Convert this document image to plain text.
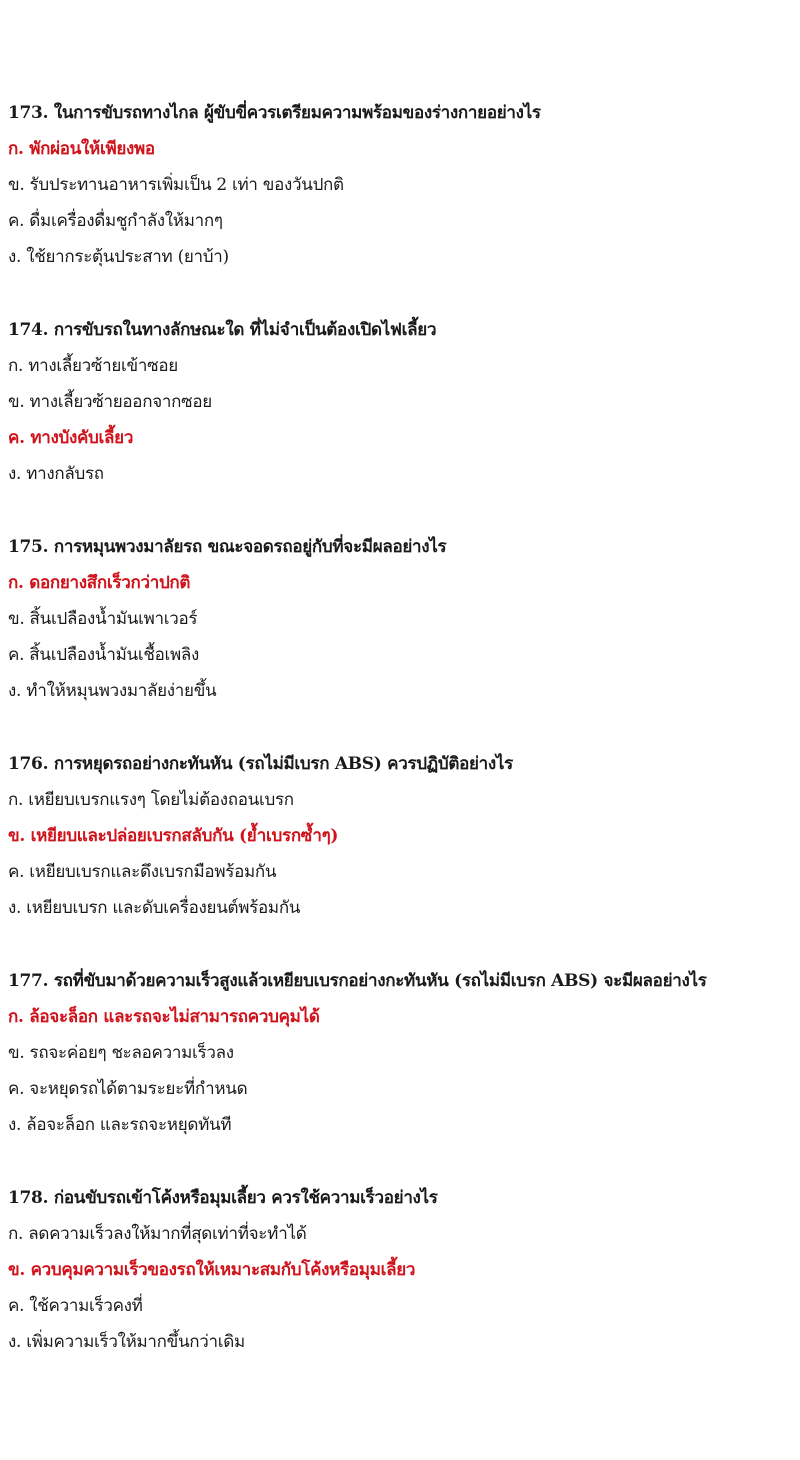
173. ในการขับรถทางไกล ผู้ขับขี่ควรเตรียมความพร้อมของร่างกายอย่างไร
ก. พักผ่อนให้เพียงพอ
ข. รับประทานอาหารเพิ่มเป็น 2 เท่า ของวันปกติ
ค. ดื่มเครื่องดื่มชูกำลังให้มากๆ
ง. ใช้ยากระตุ้นประสาท (ยาบ้า)
174. การขับรถในทางลักษณะใด ที่ไม่จำเป็นต้องเปิดไฟเลี้ยว
ก. ทางเลี้ยวซ้ายเข้าซอย
ข. ทางเลี้ยวซ้ายออกจากซอย
ค. ทางบังคับเลี้ยว
ง. ทางกลับรถ
175. การหมุนพวงมาลัยรถ ขณะจอดรถอยู่กับที่จะมีผลอย่างไร
ก. ดอกยางสึกเร็วกว่าปกติ
ข. สิ้นเปลืองน้ำมันเพาเวอร์
ค. สิ้นเปลืองน้ำมันเชื้อเพลิง
ง. ทำให้หมุนพวงมาลัยง่ายขึ้น
176. การหยุดรถอย่างกะทันหัน (รถไม่มีเบรก ABS) ควรปฏิบัติอย่างไร
ก. เหยียบเบรกแรงๆ โดยไม่ต้องถอนเบรก
ข. เหยียบและปล่อยเบรกสลับกัน (ย้ำเบรกซ้ำๆ)
ค. เหยียบเบรกและดึงเบรกมือพร้อมกัน
ง. เหยียบเบรก และดับเครื่องยนต์พร้อมกัน
177. รถที่ขับมาด้วยความเร็วสูงแล้วเหยียบเบรกอย่างกะทันหัน (รถไม่มีเบรก ABS) จะมีผลอย่างไร
ก. ล้อจะล็อก และรถจะไม่สามารถควบคุมได้
ข. รถจะค่อยๆ ชะลอความเร็วลง
ค. จะหยุดรถได้ตามระยะที่กำหนด
ง. ล้อจะล็อก และรถจะหยุดทันที
178. ก่อนขับรถเข้าโค้งหรือมุมเลี้ยว ควรใช้ความเร็วอย่างไร
ก. ลดความเร็วลงให้มากที่สุดเท่าที่จะทำได้
ข. ควบคุมความเร็วของรถให้เหมาะสมกับโค้งหรือมุมเลี้ยว
ค. ใช้ความเร็วคงที่
ง. เพิ่มความเร็วให้มากขึ้นกว่าเดิม
